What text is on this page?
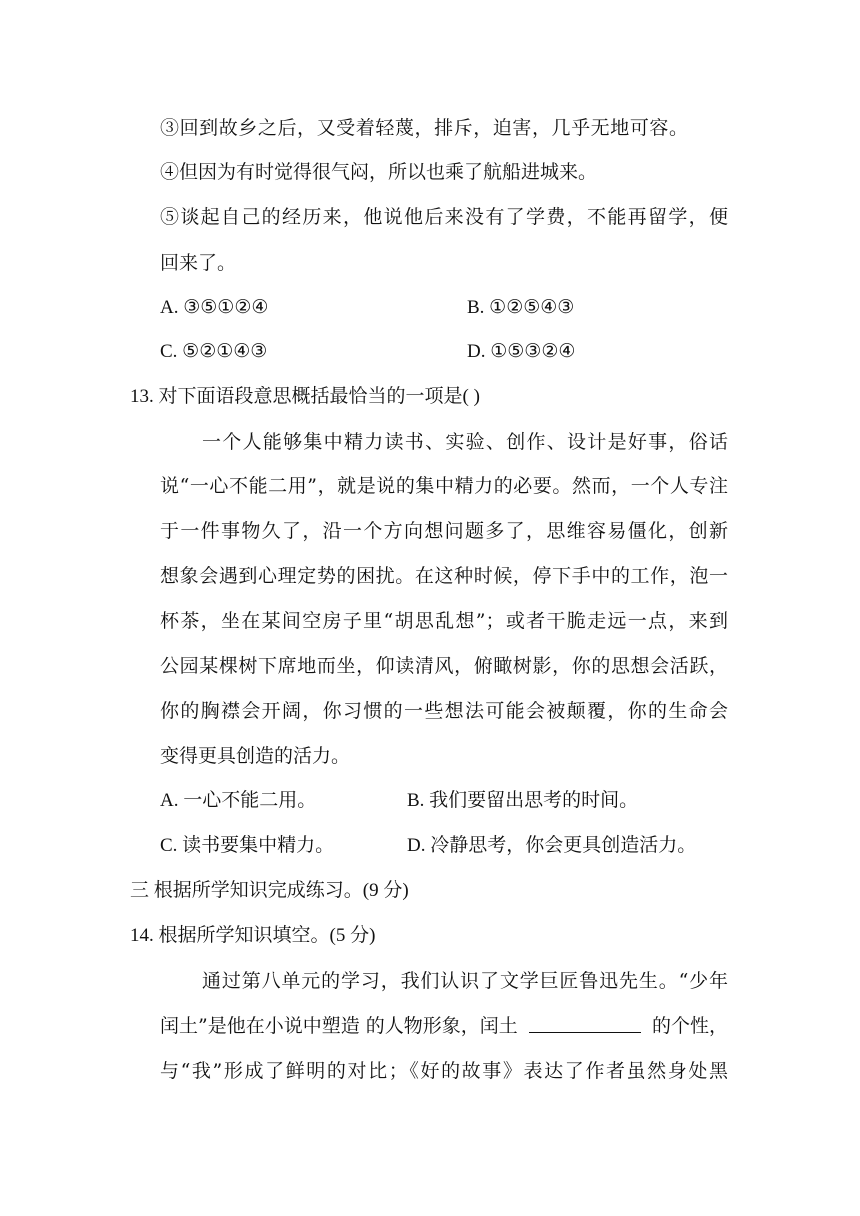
③回到故乡之后，又受着轻蔑，排斥，迫害，几乎无地可容。
④但因为有时觉得很气闷，所以也乘了航船进城来。
⑤谈起自己的经历来，他说他后来没有了学费，不能再留学，便
回来了。
A. ③⑤①②④	B. ①②⑤④③
C. ⑤②①④③	D. ①⑤③②④
13. 对下面语段意思概括最恰当的一项是( )
一个人能够集中精力读书、实验、创作、设计是好事，俗话
说“一心不能二用”，就是说的集中精力的必要。然而，一个人专注
于一件事物久了，沿一个方向想问题多了，思维容易僵化，创新
想象会遇到心理定势的困扰。在这种时候，停下手中的工作，泡一
杯茶，坐在某间空房子里“胡思乱想”；或者干脆走远一点，来到
公园某棵树下席地而坐，仰读清风，俯瞰树影，你的思想会活跃，
你的胸襟会开阔，你习惯的一些想法可能会被颠覆，你的生命会
变得更具创造的活力。
A. 一心不能二用。	B. 我们要留出思考的时间。
C. 读书要集中精力。	D. 冷静思考，你会更具创造活力。
三 根据所学知识完成练习。(9 分)
14. 根据所学知识填空。(5 分)
通过第八单元的学习，我们认识了文学巨匠鲁迅先生。“少年
闰土”是他在小说中塑造 的人物形象，闰土	的个性，
与“我”形成了鲜明的对比；《好的故事》表达了作者虽然身处黑
